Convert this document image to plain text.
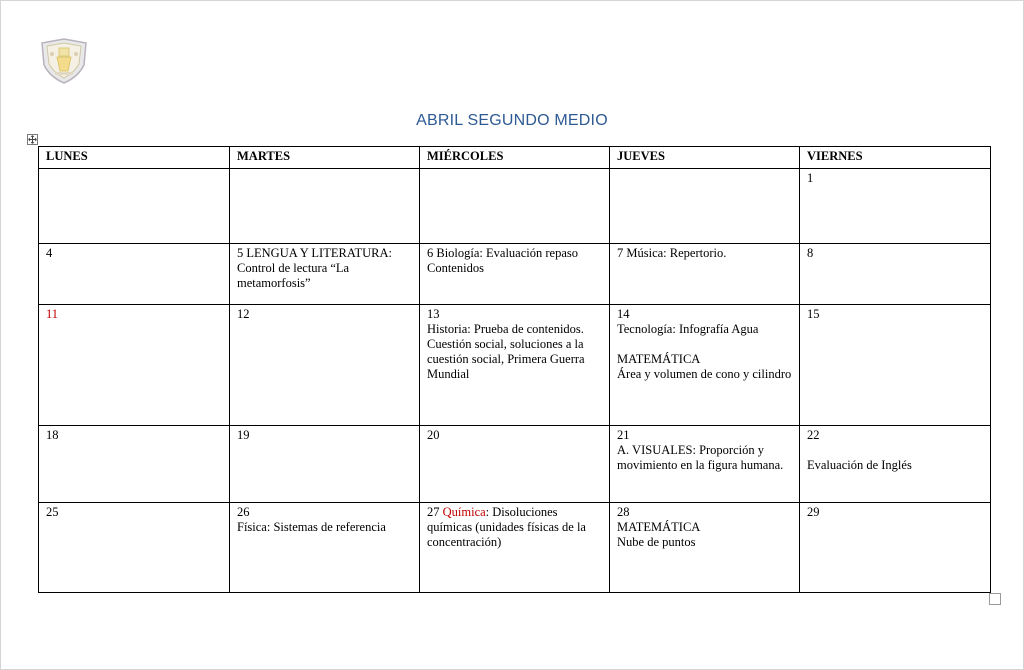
ABRIL SEGUNDO MEDIO
LUNES	MARTES	MIÉRCOLES	JUEVES	VIERNES

				1

4	5 LENGUA Y LITERATURA: Control de lectura “La metamorfosis”	6 Biología: Evaluación repaso Contenidos	7 Música: Repertorio.	8

11	12	13
Historia: Prueba de contenidos. Cuestión social, soluciones a la cuestión social, Primera Guerra Mundial	14
Tecnología: Infografía Agua
MATEMÁTICA
Área y volumen de cono y cilindro	15

18	19	20	21
A. VISUALES: Proporción y movimiento en la figura humana.	22
Evaluación de Inglés

25	26
Física: Sistemas de referencia	27 Química: Disoluciones químicas (unidades físicas de la concentración)	28
MATEMÁTICA
Nube de puntos	29
